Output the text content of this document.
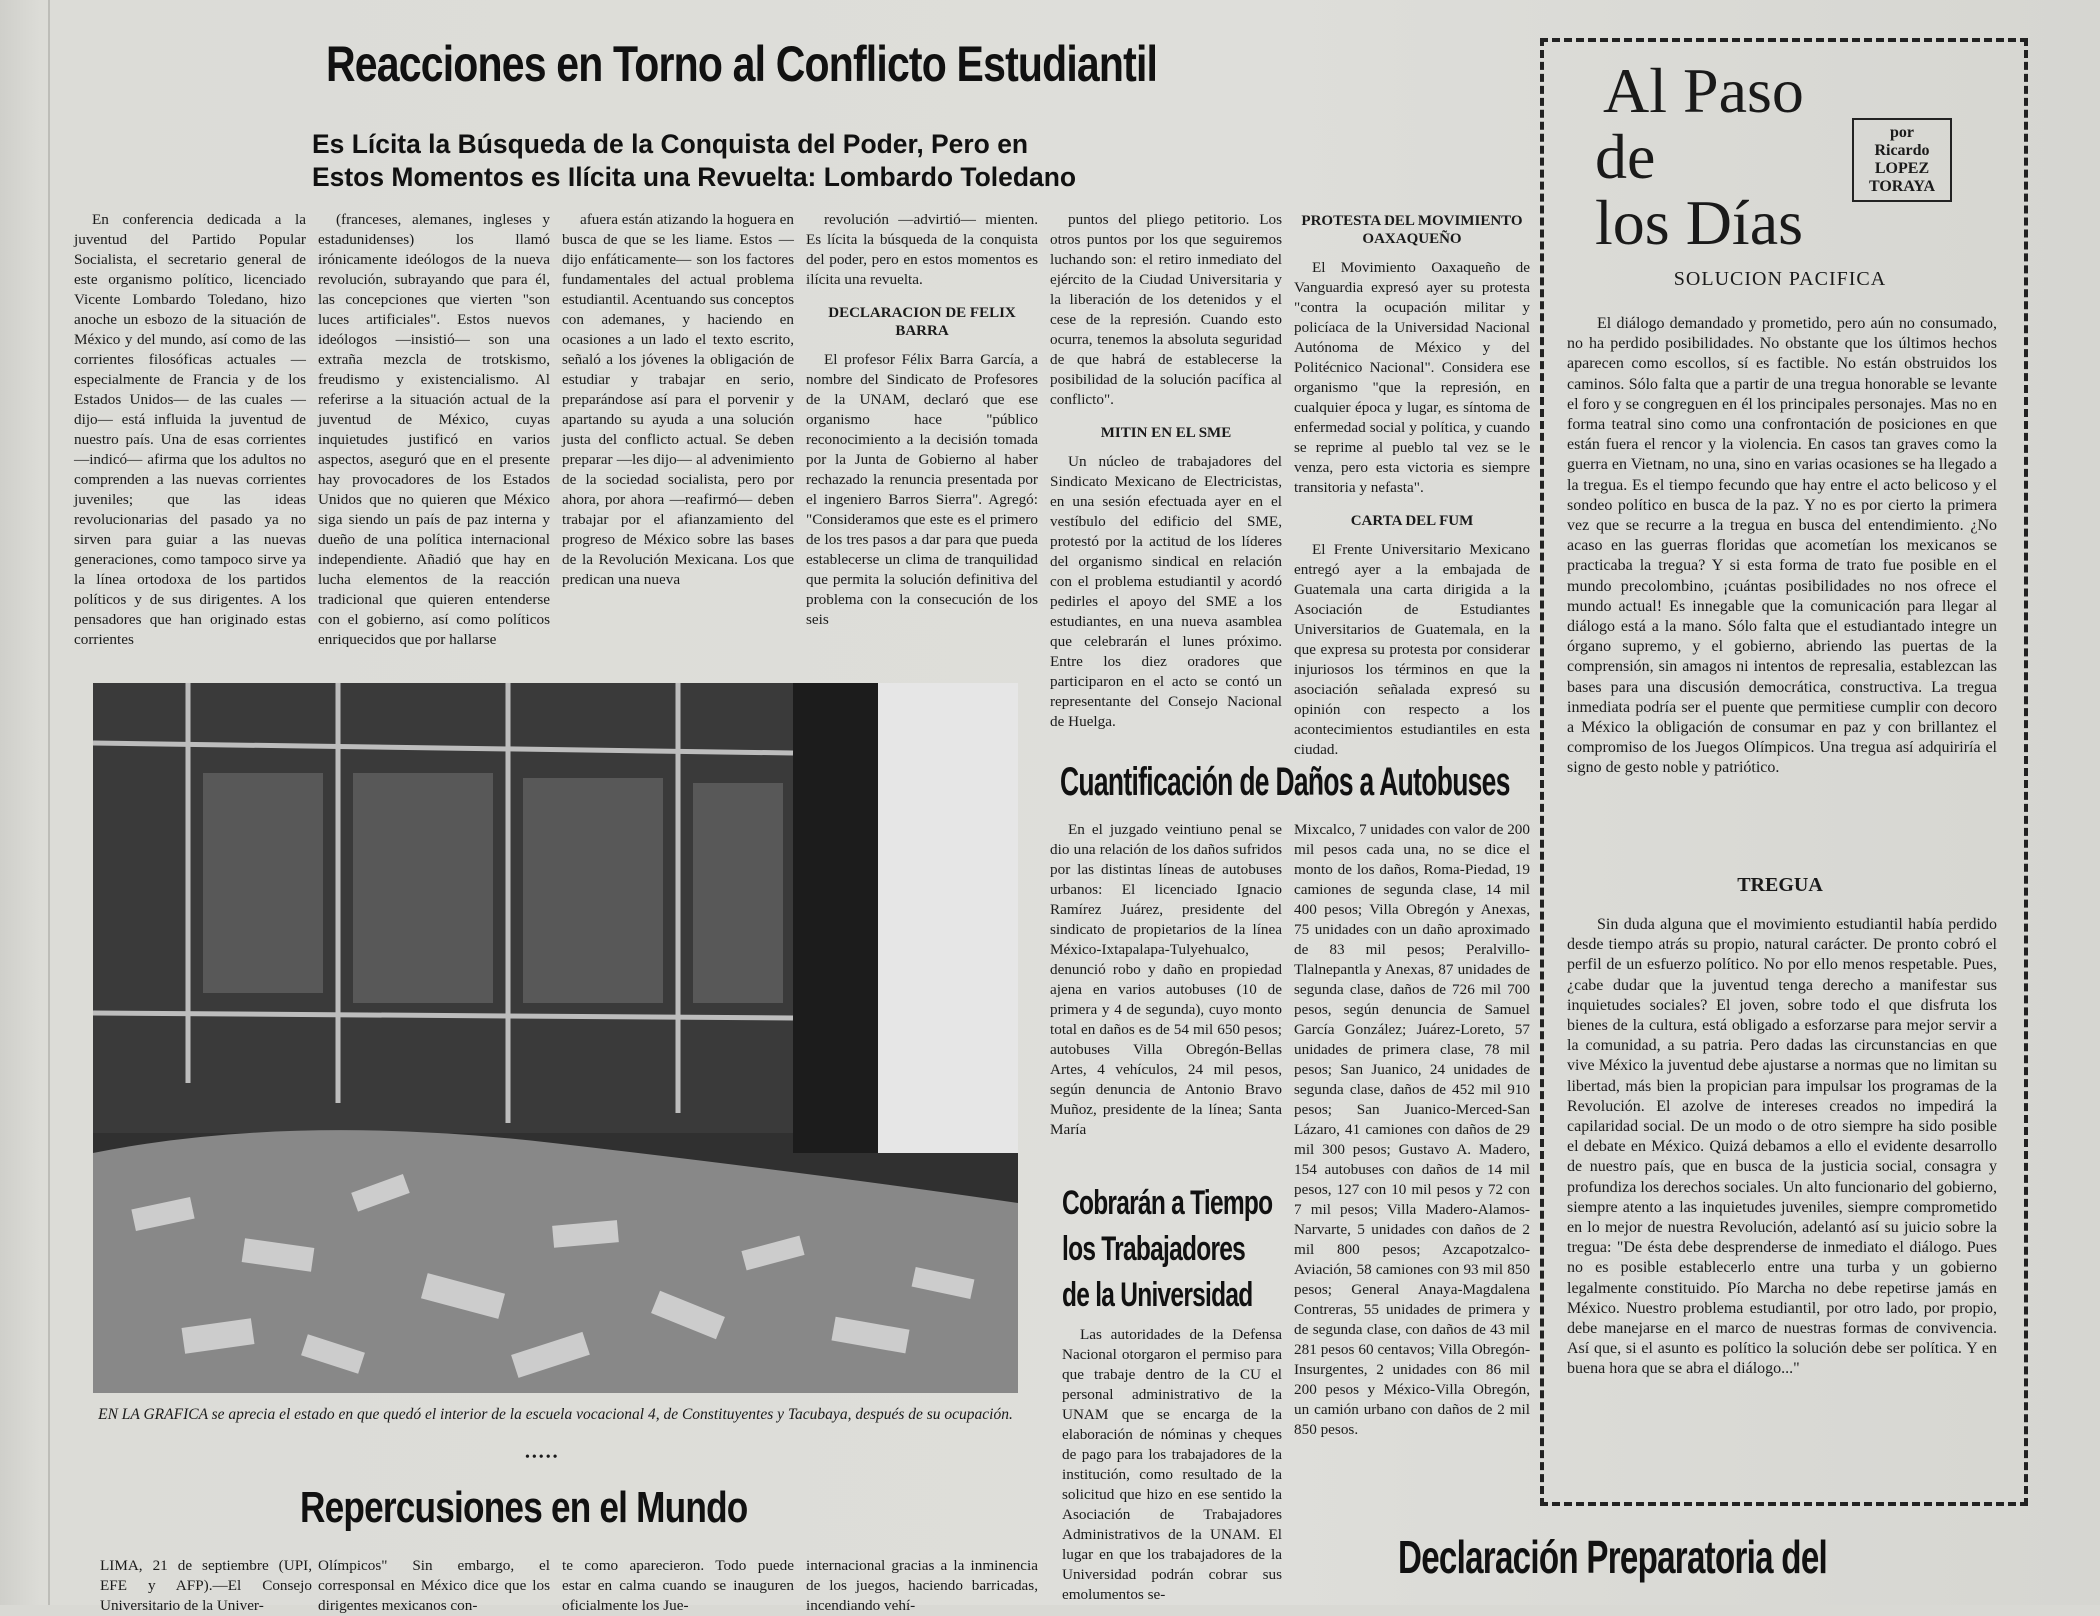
Reacciones en Torno al Conflicto Estudiantil
Es Lícita la Búsqueda de la Conquista del Poder, Pero en
Estos Momentos es Ilícita una Revuelta: Lombardo Toledano

En conferencia dedicada a la juventud del Partido Popular Socialista, el secretario general de este organismo político, licenciado Vicente Lombardo Toledano, hizo anoche un esbozo de la situación de México y del mundo, así como de las corrientes filosóficas actuales —especialmente de Francia y de los Estados Unidos— de las cuales —dijo— está influida la juventud de nuestro país. Una de esas corrientes —indicó— afirma que los adultos no comprenden a las nuevas corrientes juveniles; que las ideas revolucionarias del pasado ya no sirven para guiar a las nuevas generaciones, como tampoco sirve ya la línea ortodoxa de los partidos políticos y de sus dirigentes. A los pensadores que han originado estas corrientes

(franceses, alemanes, ingleses y estadunidenses) los llamó irónicamente ideólogos de la nueva revolución, subrayando que para él, las concepciones que vierten "son luces artificiales". Estos nuevos ideólogos —insistió— son una extraña mezcla de trotskismo, freudismo y existencialismo. Al referirse a la situación actual de la juventud de México, cuyas inquietudes justificó en varios aspectos, aseguró que en el presente hay provocadores de los Estados Unidos que no quieren que México siga siendo un país de paz interna y dueño de una política internacional independiente. Añadió que hay en lucha elementos de la reacción tradicional que quieren entenderse con el gobierno, así como políticos enriquecidos que por hallarse

afuera están atizando la hoguera en busca de que se les liame. Estos —dijo enfáticamente— son los factores fundamentales del actual problema estudiantil. Acentuando sus conceptos con ademanes, y haciendo en ocasiones a un lado el texto escrito, señaló a los jóvenes la obligación de estudiar y trabajar en serio, preparándose así para el porvenir y apartando su ayuda a una solución justa del conflicto actual. Se deben preparar —les dijo— al advenimiento de la sociedad socialista, pero por ahora, por ahora —reafirmó— deben trabajar por el afianzamiento del progreso de México sobre las bases de la Revolución Mexicana. Los que predican una nueva

revolución —advirtió— mienten. Es lícita la búsqueda de la conquista del poder, pero en estos momentos es ilícita una revuelta.

DECLARACION DE FELIX BARRA

El profesor Félix Barra García, a nombre del Sindicato de Profesores de la UNAM, declaró que ese organismo hace "público reconocimiento a la decisión tomada por la Junta de Gobierno al haber rechazado la renuncia presentada por el ingeniero Barros Sierra". Agregó: "Consideramos que este es el primero de los tres pasos a dar para que pueda establecerse un clima de tranquilidad que permita la solución definitiva del problema con la consecución de los seis

puntos del pliego petitorio. Los otros puntos por los que seguiremos luchando son: el retiro inmediato del ejército de la Ciudad Universitaria y la liberación de los detenidos y el cese de la represión. Cuando esto ocurra, tenemos la absoluta seguridad de que habrá de establecerse la posibilidad de la solución pacífica al conflicto".

MITIN EN EL SME

Un núcleo de trabajadores del Sindicato Mexicano de Electricistas, en una sesión efectuada ayer en el vestíbulo del edificio del SME, protestó por la actitud de los líderes del organismo sindical en relación con el problema estudiantil y acordó pedirles el apoyo del SME a los estudiantes, en una nueva asamblea que celebrarán el lunes próximo. Entre los diez oradores que participaron en el acto se contó un representante del Consejo Nacional de Huelga.

PROTESTA DEL MOVIMIENTO OAXAQUEÑO

El Movimiento Oaxaqueño de Vanguardia expresó ayer su protesta "contra la ocupación militar y policíaca de la Universidad Nacional Autónoma de México y del Politécnico Nacional". Considera ese organismo "que la represión, en cualquier época y lugar, es síntoma de enfermedad social y política, y cuando se reprime al pueblo tal vez se le venza, pero esta victoria es siempre transitoria y nefasta".

CARTA DEL FUM

El Frente Universitario Mexicano entregó ayer a la embajada de Guatemala una carta dirigida a la Asociación de Estudiantes Universitarios de Guatemala, en la que expresa su protesta por considerar injuriosos los términos en que la asociación señalada expresó su opinión con respecto a los acontecimientos estudiantiles en esta ciudad.

EN LA GRAFICA se aprecia el estado en que quedó el interior de la escuela vocacional 4, de Constituyentes y Tacubaya, después de su ocupación.
•••••
Repercusiones en el Mundo
LIMA, 21 de septiembre (UPI, EFE y AFP).—El Consejo Universitario de la Univer-
Olímpicos" Sin embargo, el corresponsal en México dice que los dirigentes mexicanos con-
te como aparecieron. Todo puede estar en calma cuando se inauguren oficialmente los Jue-
internacional gracias a la inminencia de los juegos, haciendo barricadas, incendiando vehí-
Cuantificación de Daños a Autobuses
En el juzgado veintiuno penal se dio una relación de los daños sufridos por las distintas líneas de autobuses urbanos: El licenciado Ignacio Ramírez Juárez, presidente del sindicato de propietarios de la línea México-Ixtapalapa-Tulyehualco, denunció robo y daño en propiedad ajena en varios autobuses (10 de primera y 4 de segunda), cuyo monto total en daños es de 54 mil 650 pesos; autobuses Villa Obregón-Bellas Artes, 4 vehículos, 24 mil pesos, según denuncia de Antonio Bravo Muñoz, presidente de la línea; Santa María
Mixcalco, 7 unidades con valor de 200 mil pesos cada una, no se dice el monto de los daños, Roma-Piedad, 19 camiones de segunda clase, 14 mil 400 pesos; Villa Obregón y Anexas, 75 unidades con un daño aproximado de 83 mil pesos; Peralvillo-Tlalnepantla y Anexas, 87 unidades de segunda clase, daños de 726 mil 700 pesos, según denuncia de Samuel García González; Juárez-Loreto, 57 unidades de primera clase, 78 mil pesos; San Juanico, 24 unidades de segunda clase, daños de 452 mil 910 pesos; San Juanico-Merced-San Lázaro, 41 camiones con daños de 29 mil 300 pesos; Gustavo A. Madero, 154 autobuses con daños de 14 mil pesos, 127 con 10 mil pesos y 72 con 7 mil pesos; Villa Madero-Alamos-Narvarte, 5 unidades con daños de 2 mil 800 pesos; Azcapotzalco-Aviación, 58 camiones con 93 mil 850 pesos; General Anaya-Magdalena Contreras, 55 unidades de primera y de segunda clase, con daños de 43 mil 281 pesos 60 centavos; Villa Obregón-Insurgentes, 2 unidades con 86 mil 200 pesos y México-Villa Obregón, un camión urbano con daños de 2 mil 850 pesos.
Cobrarán a Tiempo
los Trabajadores
de la Universidad
Las autoridades de la Defensa Nacional otorgaron el permiso para que trabaje dentro de la CU el personal administrativo de la UNAM que se encarga de la elaboración de nóminas y cheques de pago para los trabajadores de la institución, como resultado de la solicitud que hizo en ese sentido la Asociación de Trabajadores Administrativos de la UNAM. El lugar en que los trabajadores de la Universidad podrán cobrar sus emolumentos se-
Al Paso
de
los Días
por
Ricardo
LOPEZ
TORAYA
SOLUCION PACIFICA
El diálogo demandado y prometido, pero aún no consumado, no ha perdido posibilidades. No obstante que los últimos hechos aparecen como escollos, sí es factible. No están obstruidos los caminos. Sólo falta que a partir de una tregua honorable se levante el foro y se congreguen en él los principales personajes. Mas no en forma teatral sino como una confrontación de posiciones en que están fuera el rencor y la violencia. En casos tan graves como la guerra en Vietnam, no una, sino en varias ocasiones se ha llegado a la tregua. Es el tiempo fecundo que hay entre el acto belicoso y el sondeo político en busca de la paz. Y no es por cierto la primera vez que se recurre a la tregua en busca del entendimiento. ¿No acaso en las guerras floridas que acometían los mexicanos se practicaba la tregua? Y si esta forma de trato fue posible en el mundo precolombino, ¡cuántas posibilidades no nos ofrece el mundo actual! Es innegable que la comunicación para llegar al diálogo está a la mano. Sólo falta que el estudiantado integre un órgano supremo, y el gobierno, abriendo las puertas de la comprensión, sin amagos ni intentos de represalia, establezcan las bases para una discusión democrática, constructiva. La tregua inmediata podría ser el puente que permitiese cumplir con decoro a México la obligación de consumar en paz y con brillantez el compromiso de los Juegos Olímpicos. Una tregua así adquiriría el signo de gesto noble y patriótico.
TREGUA
Sin duda alguna que el movimiento estudiantil había perdido desde tiempo atrás su propio, natural carácter. De pronto cobró el perfil de un esfuerzo político. No por ello menos respetable. Pues, ¿cabe dudar que la juventud tenga derecho a manifestar sus inquietudes sociales? El joven, sobre todo el que disfruta los bienes de la cultura, está obligado a esforzarse para mejor servir a la comunidad, a su patria. Pero dadas las circunstancias en que vive México la juventud debe ajustarse a normas que no limitan su libertad, más bien la propician para impulsar los programas de la Revolución. El azolve de intereses creados no impedirá la capilaridad social. De un modo o de otro siempre ha sido posible el debate en México. Quizá debamos a ello el evidente desarrollo de nuestro país, que en busca de la justicia social, consagra y profundiza los derechos sociales. Un alto funcionario del gobierno, siempre atento a las inquietudes juveniles, siempre comprometido en lo mejor de nuestra Revolución, adelantó así su juicio sobre la tregua: "De ésta debe desprenderse de inmediato el diálogo. Pues no es posible establecerlo entre una turba y un gobierno legalmente constituido. Pío Marcha no debe repetirse jamás en México. Nuestro problema estudiantil, por otro lado, por propio, debe manejarse en el marco de nuestras formas de convivencia. Así que, si el asunto es político la solución debe ser política. Y en buena hora que se abra el diálogo..."
Declaración Preparatoria del
